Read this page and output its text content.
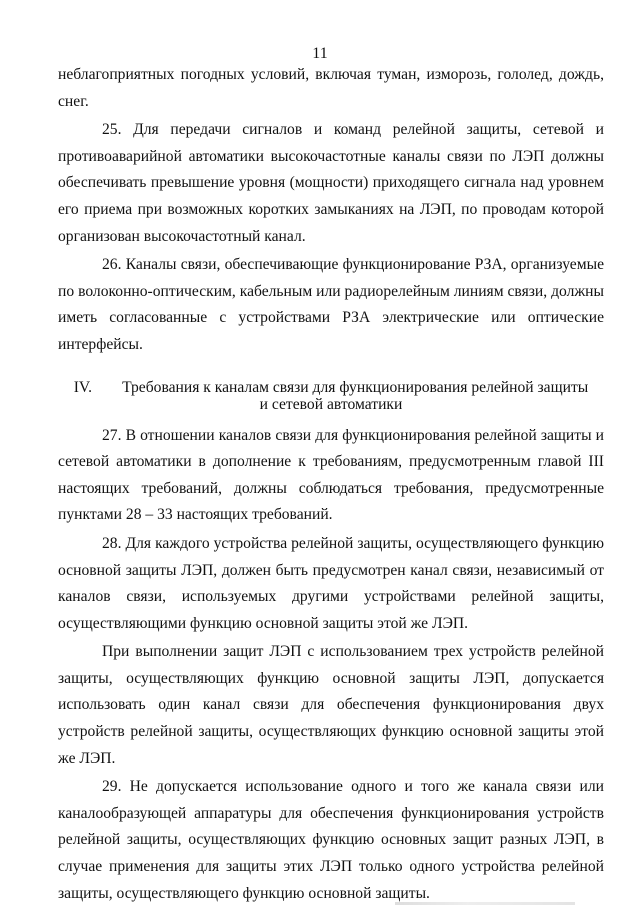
11

неблагоприятных погодных условий, включая туман, изморозь, гололед, дождь, снег.

25. Для передачи сигналов и команд релейной защиты, сетевой и противоаварийной автоматики высокочастотные каналы связи по ЛЭП должны обеспечивать превышение уровня (мощности) приходящего сигнала над уровнем его приема при возможных коротких замыканиях на ЛЭП, по проводам которой организован высокочастотный канал.

26. Каналы связи, обеспечивающие функционирование РЗА, организуемые по волоконно-оптическим, кабельным или радиорелейным линиям связи, должны иметь согласованные с устройствами РЗА электрические или оптические интерфейсы.

IV. Требования к каналам связи для функционирования релейной защиты
и сетевой автоматики

27. В отношении каналов связи для функционирования релейной защиты и сетевой автоматики в дополнение к требованиям, предусмотренным главой III настоящих требований, должны соблюдаться требования, предусмотренные пунктами 28 – 33 настоящих требований.

28. Для каждого устройства релейной защиты, осуществляющего функцию основной защиты ЛЭП, должен быть предусмотрен канал связи, независимый от каналов связи, используемых другими устройствами релейной защиты, осуществляющими функцию основной защиты этой же ЛЭП.

При выполнении защит ЛЭП с использованием трех устройств релейной защиты, осуществляющих функцию основной защиты ЛЭП, допускается использовать один канал связи для обеспечения функционирования двух устройств релейной защиты, осуществляющих функцию основной защиты этой же ЛЭП.

29. Не допускается использование одного и того же канала связи или каналообразующей аппаратуры для обеспечения функционирования устройств релейной защиты, осуществляющих функцию основных защит разных ЛЭП, в случае применения для защиты этих ЛЭП только одного устройства релейной защиты, осуществляющего функцию основной защиты.
